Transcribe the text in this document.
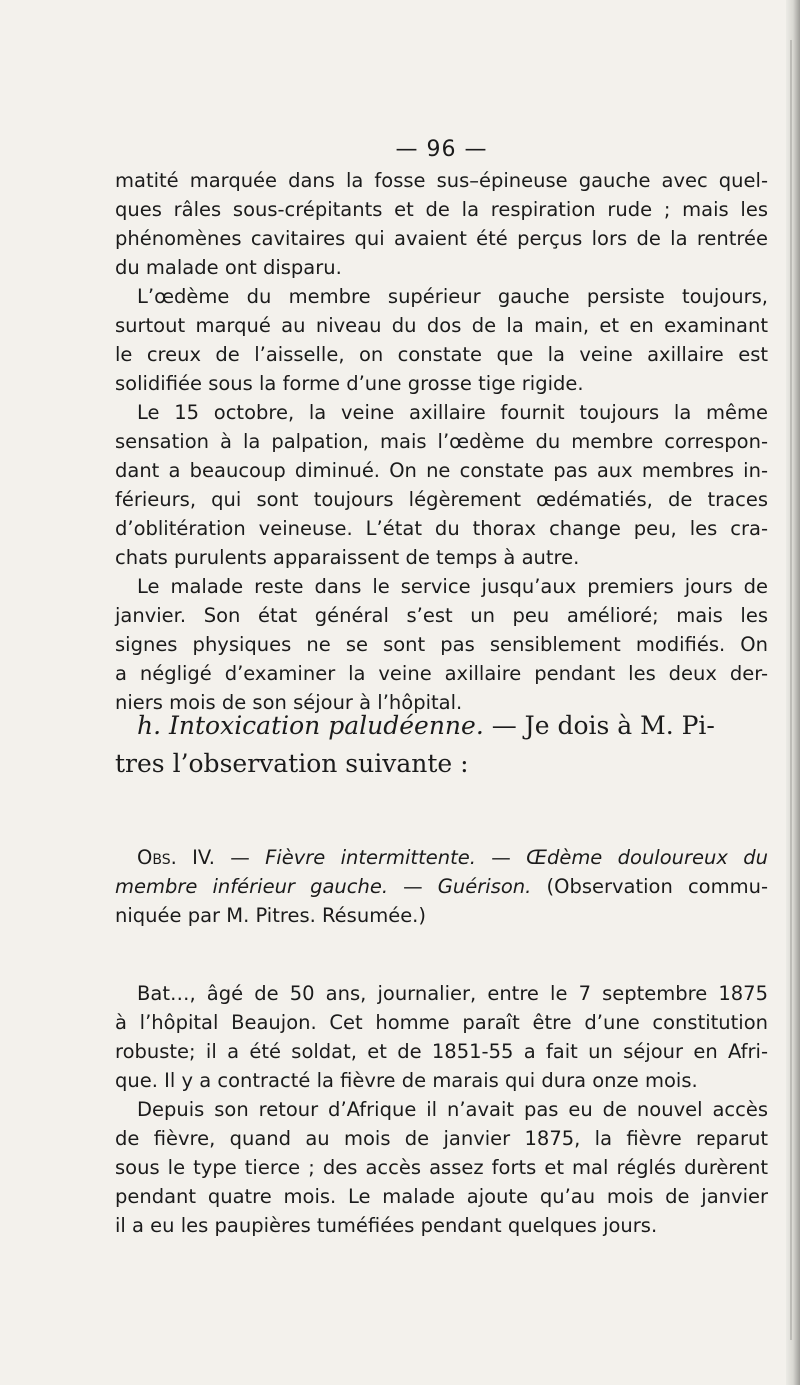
— 96 —

matité marquée dans la fosse sus–épineuse gauche avec quel-
ques râles sous-crépitants et de la respiration rude ; mais les
phénomènes cavitaires qui avaient été perçus lors de la rentrée
du malade ont disparu.

L’œdème du membre supérieur gauche persiste toujours,
surtout marqué au niveau du dos de la main, et en examinant
le creux de l’aisselle, on constate que la veine axillaire est
solidifiée sous la forme d’une grosse tige rigide.

Le 15 octobre, la veine axillaire fournit toujours la même
sensation à la palpation, mais l’œdème du membre correspon-
dant a beaucoup diminué. On ne constate pas aux membres in-
férieurs, qui sont toujours légèrement œdématiés, de traces
d’oblitération veineuse. L’état du thorax change peu, les cra-
chats purulents apparaissent de temps à autre.

Le malade reste dans le service jusqu’aux premiers jours de
janvier. Son état général s’est un peu amélioré; mais les
signes physiques ne se sont pas sensiblement modifiés. On
a négligé d’examiner la veine axillaire pendant les deux der-
niers mois de son séjour à l’hôpital.

h. Intoxication paludéenne. — Je dois à M. Pi-
tres l’observation suivante :

Obs. IV. — Fièvre intermittente. — Œdème douloureux du
membre inférieur gauche. — Guérison. (Observation commu-
niquée par M. Pitres. Résumée.)

Bat…, âgé de 50 ans, journalier, entre le 7 septembre 1875
à l’hôpital Beaujon. Cet homme paraît être d’une constitution
robuste; il a été soldat, et de 1851-55 a fait un séjour en Afri-
que. Il y a contracté la fièvre de marais qui dura onze mois.

Depuis son retour d’Afrique il n’avait pas eu de nouvel accès
de fièvre, quand au mois de janvier 1875, la fièvre reparut
sous le type tierce ; des accès assez forts et mal réglés durèrent
pendant quatre mois. Le malade ajoute qu’au mois de janvier
il a eu les paupières tuméfiées pendant quelques jours.
